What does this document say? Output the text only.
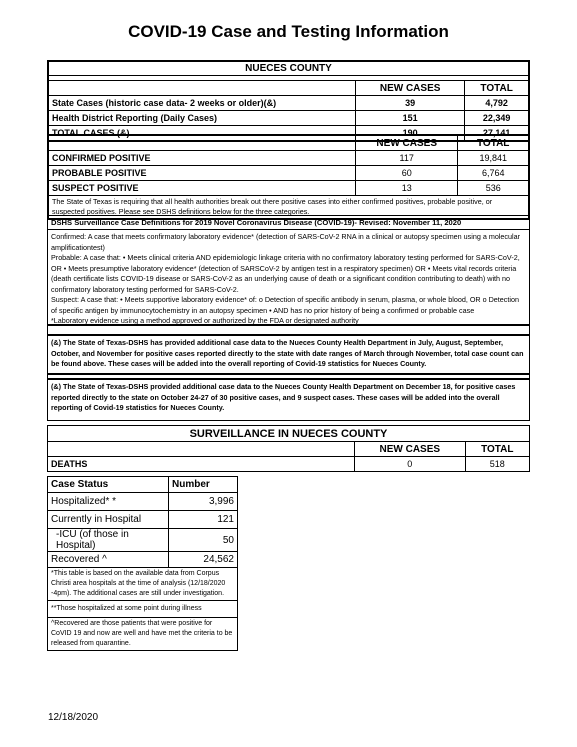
COVID-19 Case and Testing Information
NUECES COUNTY		

	NEW CASES	TOTAL
State Cases (historic case data- 2 weeks or older)(&)	39	4,792
Health District Reporting (Daily Cases)	151	22,349
TOTAL CASES (&)	190	27,141
	NEW CASES	TOTAL
CONFIRMED POSITIVE	117	19,841
PROBABLE POSITIVE	60	6,764
SUSPECT POSITIVE	13	536
The State of Texas is requiring that all health authorities break out there positive cases into either confirmed positives, probable positive, or suspected positives. Please see DSHS definitions below for the three categories.		
DSHS Surveillance Case Definitions for 2019 Novel Coronavirus Disease (COVID-19)- Revised: November 11, 2020
Confirmed: A case that meets confirmatory laboratory evidence* (detection of SARS-CoV-2 RNA in a clinical or autopsy specimen using a molecular amplificationtest)
Probable: A case that: • Meets clinical criteria AND epidemiologic linkage criteria with no confirmatory laboratory testing performed for SARS-CoV-2, OR • Meets presumptive laboratory evidence* (detection of SARSCoV-2 by antigen test in a respiratory specimen) OR • Meets vital records criteria (death certificate lists COVID-19 disease or SARS-CoV-2 as an underlying cause of death or a significant condition contributing to death) with no confirmatory laboratory testing performed for SARS-CoV-2.
Suspect: A case that: • Meets supportive laboratory evidence* of: o Detection of specific antibody in serum, plasma, or whole blood, OR o Detection of specific antigen by immunocytochemistry in an autopsy specimen • AND has no prior history of being a confirmed or probable case
*Laboratory evidence using a method approved or authorized by the FDA or designated authority
(&) The State of Texas-DSHS has provided additional case data to the Nueces County Health Department in July, August, September, October, and November for positive cases reported directly to the state with date ranges of March through November, total case count can be found above. These cases will be added into the overall reporting of Covid-19 statistics for Nueces County.
(&) The State of Texas-DSHS provided additional case data to the Nueces County Health Department on December 18, for positive cases reported directly to the state on October 24-27 of 30 positive cases, and 9 suspect cases. These cases will be added into the overall reporting of Covid-19 statistics for Nueces County.
SURVEILLANCE IN NUECES COUNTY		
	NEW CASES	TOTAL
DEATHS	0	518
Case Status	Number
Hospitalized* *	3,996
Currently in Hospital	121
-ICU (of those in Hospital)	50
Recovered ^	24,562
*This table is based on the available data from Corpus Christi area hospitals at the time of analysis (12/18/2020 -4pm). The additional cases are still under investigation.	
**Those hospitalized at some point during illness	
^Recovered are those patients that were positive for CoVID 19 and now are well and have met the criteria to be released from quarantine.	
12/18/2020
